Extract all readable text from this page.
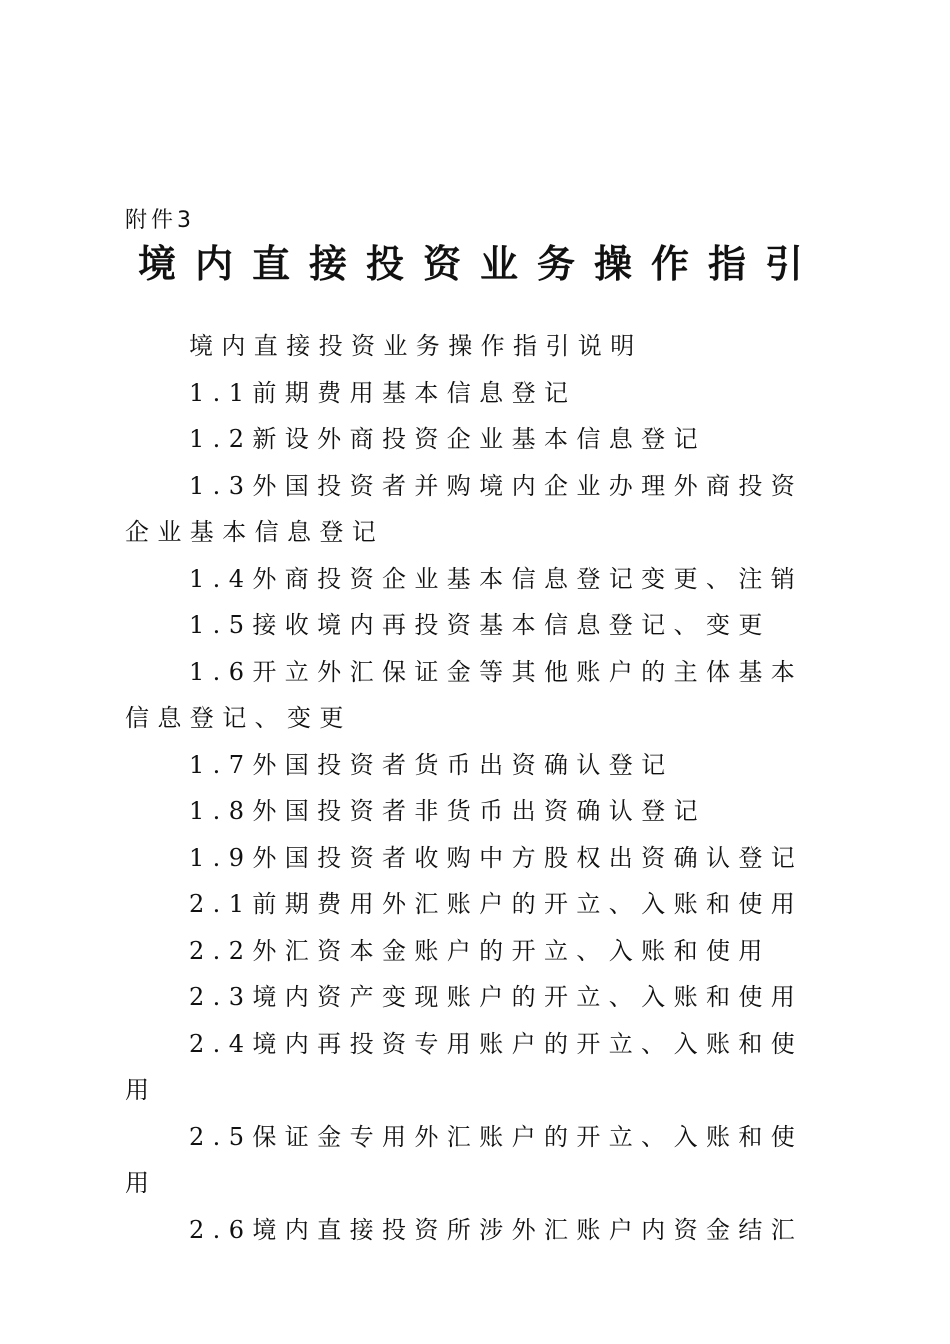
附件3
境内直接投资业务操作指引
境内直接投资业务操作指引说明
1.1前期费用基本信息登记
1.2新设外商投资企业基本信息登记
1.3外国投资者并购境内企业办理外商投资企业基本信息登记
1.4外商投资企业基本信息登记变更、注销
1.5接收境内再投资基本信息登记、变更
1.6开立外汇保证金等其他账户的主体基本信息登记、变更
1.7外国投资者货币出资确认登记
1.8外国投资者非货币出资确认登记
1.9外国投资者收购中方股权出资确认登记
2.1前期费用外汇账户的开立、入账和使用
2.2外汇资本金账户的开立、入账和使用
2.3境内资产变现账户的开立、入账和使用
2.4境内再投资专用账户的开立、入账和使用
2.5保证金专用外汇账户的开立、入账和使用
2.6境内直接投资所涉外汇账户内资金结汇
